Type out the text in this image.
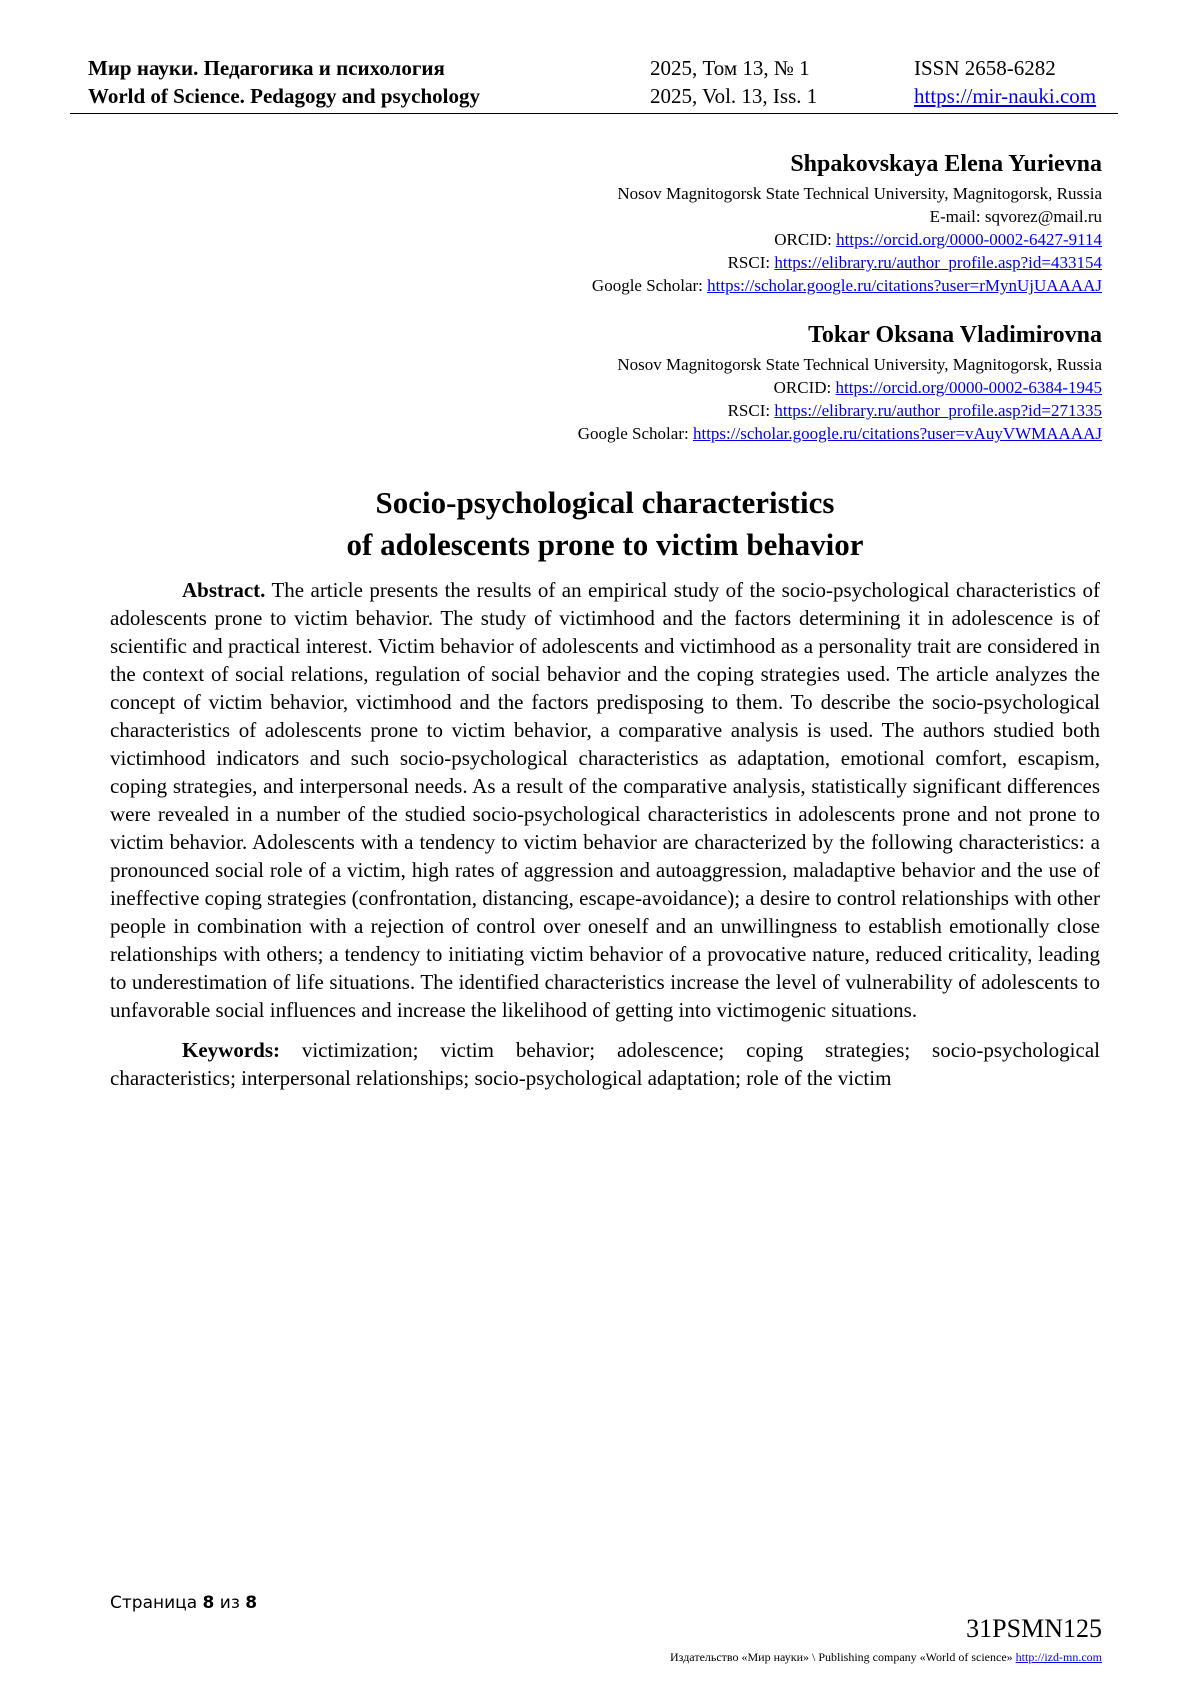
Мир науки. Педагогика и психология	2025, Том 13, № 1	ISSN 2658-6282
World of Science. Pedagogy and psychology	2025, Vol. 13, Iss. 1	https://mir-nauki.com
Shpakovskaya Elena Yurievna
Nosov Magnitogorsk State Technical University, Magnitogorsk, Russia
E-mail: sqvorez@mail.ru
ORCID: https://orcid.org/0000-0002-6427-9114
RSCI: https://elibrary.ru/author_profile.asp?id=433154
Google Scholar: https://scholar.google.ru/citations?user=rMynUjUAAAAJ
Tokar Oksana Vladimirovna
Nosov Magnitogorsk State Technical University, Magnitogorsk, Russia
ORCID: https://orcid.org/0000-0002-6384-1945
RSCI: https://elibrary.ru/author_profile.asp?id=271335
Google Scholar: https://scholar.google.ru/citations?user=vAuyVWMAAAAJ
Socio-psychological characteristics
of adolescents prone to victim behavior

Abstract. The article presents the results of an empirical study of the socio-psychological characteristics of adolescents prone to victim behavior. The study of victimhood and the factors determining it in adolescence is of scientific and practical interest. Victim behavior of adolescents and victimhood as a personality trait are considered in the context of social relations, regulation of social behavior and the coping strategies used. The article analyzes the concept of victim behavior, victimhood and the factors predisposing to them. To describe the socio-psychological characteristics of adolescents prone to victim behavior, a comparative analysis is used. The authors studied both victimhood indicators and such socio-psychological characteristics as adaptation, emotional comfort, escapism, coping strategies, and interpersonal needs. As a result of the comparative analysis, statistically significant differences were revealed in a number of the studied socio-psychological characteristics in adolescents prone and not prone to victim behavior. Adolescents with a tendency to victim behavior are characterized by the following characteristics: a pronounced social role of a victim, high rates of aggression and autoaggression, maladaptive behavior and the use of ineffective coping strategies (confrontation, distancing, escape-avoidance); a desire to control relationships with other people in combination with a rejection of control over oneself and an unwillingness to establish emotionally close relationships with others; a tendency to initiating victim behavior of a provocative nature, reduced criticality, leading to underestimation of life situations. The identified characteristics increase the level of vulnerability of adolescents to unfavorable social influences and increase the likelihood of getting into victimogenic situations.

Keywords: victimization; victim behavior; adolescence; coping strategies; socio-psychological characteristics; interpersonal relationships; socio-psychological adaptation; role of the victim

Страница 8 из 8
31PSMN125
Издательство «Мир науки» \ Publishing company «World of science» http://izd-mn.com
